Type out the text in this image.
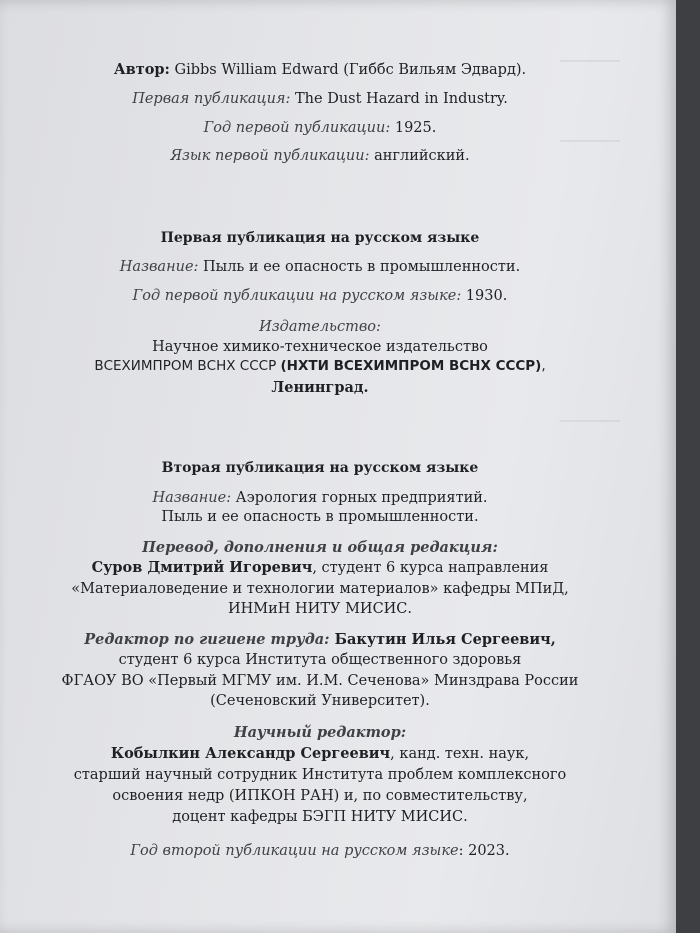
Автор: Gibbs William Edward (Гиббс Вильям Эдвард).
Первая публикация: The Dust Hazard in Industry.
Год первой публикации: 1925.
Язык первой публикации: английский.
Первая публикация на русском языке
Название: Пыль и ее опасность в промышленности.
Год первой публикации на русском языке: 1930.
Издательство:
Научное химико-техническое издательство
ВСЕХИМПРОМ ВСНХ СССР (НХТИ ВСЕХИМПРОМ ВСНХ СССР),
Ленинград.
Вторая публикация на русском языке
Название: Аэрология горных предприятий.
Пыль и ее опасность в промышленности.
Перевод, дополнения и общая редакция:
Суров Дмитрий Игоревич, студент 6 курса направления
«Материаловедение и технологии материалов» кафедры МПиД,
ИНМиН НИТУ МИСИС.
Редактор по гигиене труда: Бакутин Илья Сергеевич,
студент 6 курса Института общественного здоровья
ФГАОУ ВО «Первый МГМУ им. И.М. Сеченова» Минздрава России
(Сеченовский Университет).
Научный редактор:
Кобылкин Александр Сергеевич, канд. техн. наук,
старший научный сотрудник Института проблем комплексного
освоения недр (ИПКОН РАН) и, по совместительству,
доцент кафедры БЭГП НИТУ МИСИС.
Год второй публикации на русском языке: 2023.
